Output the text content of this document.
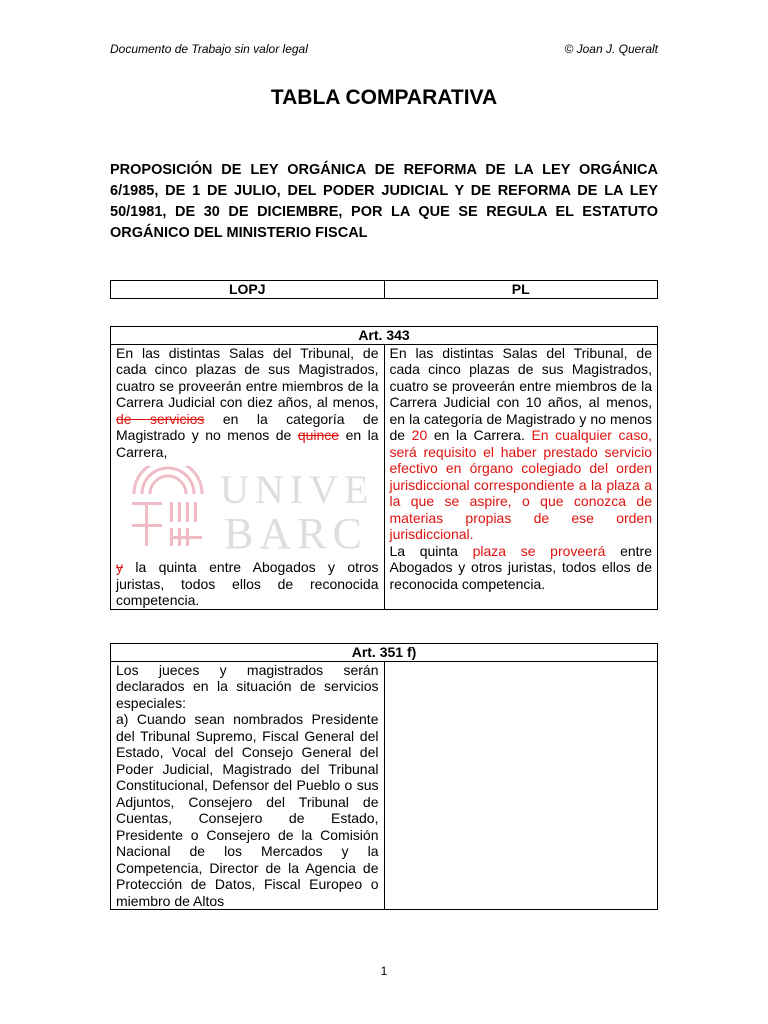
Documento de Trabajo sin valor legal	© Joan J. Queralt
TABLA COMPARATIVA
PROPOSICIÓN DE LEY ORGÁNICA DE REFORMA DE LA LEY ORGÁNICA 6/1985, DE 1 DE JULIO, DEL PODER JUDICIAL Y DE REFORMA DE LA LEY 50/1981, DE 30 DE DICIEMBRE, POR LA QUE SE REGULA EL ESTATUTO ORGÁNICO DEL MINISTERIO FISCAL
LOPJ	PL
Art. 343
En las distintas Salas del Tribunal, de cada cinco plazas de sus Magistrados, cuatro se proveerán entre miembros de la Carrera Judicial con diez años, al menos, de servicios en la categoría de Magistrado y no menos de quince en la Carrera,
y la quinta entre Abogados y otros juristas, todos ellos de reconocida competencia.	En las distintas Salas del Tribunal, de cada cinco plazas de sus Magistrados, cuatro se proveerán entre miembros de la Carrera Judicial con 10 años, al menos, en la categoría de Magistrado y no menos de 20 en la Carrera. En cualquier caso, será requisito el haber prestado servicio efectivo en órgano colegiado del orden jurisdiccional correspondiente a la plaza a la que se aspire, o que conozca de materias propias de ese orden jurisdiccional.
La quinta plaza se proveerá entre Abogados y otros juristas, todos ellos de reconocida competencia.
Art. 351 f)
Los jueces y magistrados serán declarados en la situación de servicios especiales:
a) Cuando sean nombrados Presidente del Tribunal Supremo, Fiscal General del Estado, Vocal del Consejo General del Poder Judicial, Magistrado del Tribunal Constitucional, Defensor del Pueblo o sus Adjuntos, Consejero del Tribunal de Cuentas, Consejero de Estado, Presidente o Consejero de la Comisión Nacional de los Mercados y la Competencia, Director de la Agencia de Protección de Datos, Fiscal Europeo o miembro de Altos	
UNIVE
BARC
1
